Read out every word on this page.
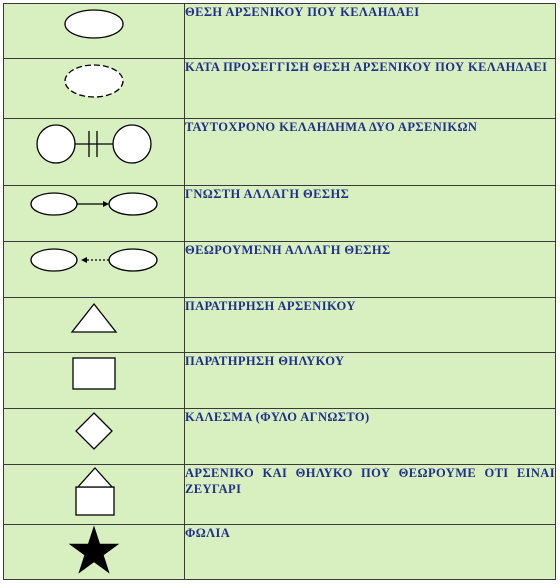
	ΘΕΣΗ ΑΡΣΕΝΙΚΟΥ ΠΟΥ ΚΕΛΑΗΔΑΕΙ

	ΚΑΤΑ ΠΡΟΣΕΓΓΙΣΗ ΘΕΣΗ ΑΡΣΕΝΙΚΟΥ ΠΟΥ ΚΕΛΑΗΔΑΕΙ

	ΤΑΥΤΟΧΡΟΝΟ ΚΕΛΑΗΔΗΜΑ ΔΥΟ ΑΡΣΕΝΙΚΩΝ

	ΓΝΩΣΤΗ ΑΛΛΑΓΗ ΘΕΣΗΣ

	ΘΕΩΡΟΥΜΕΝΗ ΑΛΛΑΓΗ ΘΕΣΗΣ

	ΠΑΡΑΤΗΡΗΣΗ ΑΡΣΕΝΙΚΟΥ

	ΠΑΡΑΤΗΡΗΣΗ ΘΗΛΥΚΟΥ

	ΚΑΛΕΣΜΑ (ΦΥΛΟ ΑΓΝΩΣΤΟ)

	ΑΡΣΕΝΙΚΟ ΚΑΙ ΘΗΛΥΚΟ ΠΟΥ ΘΕΩΡΟΥΜΕ ΟΤΙ ΕΙΝΑΙ ΖΕΥΓΑΡΙ

	ΦΩΛΙΑ
